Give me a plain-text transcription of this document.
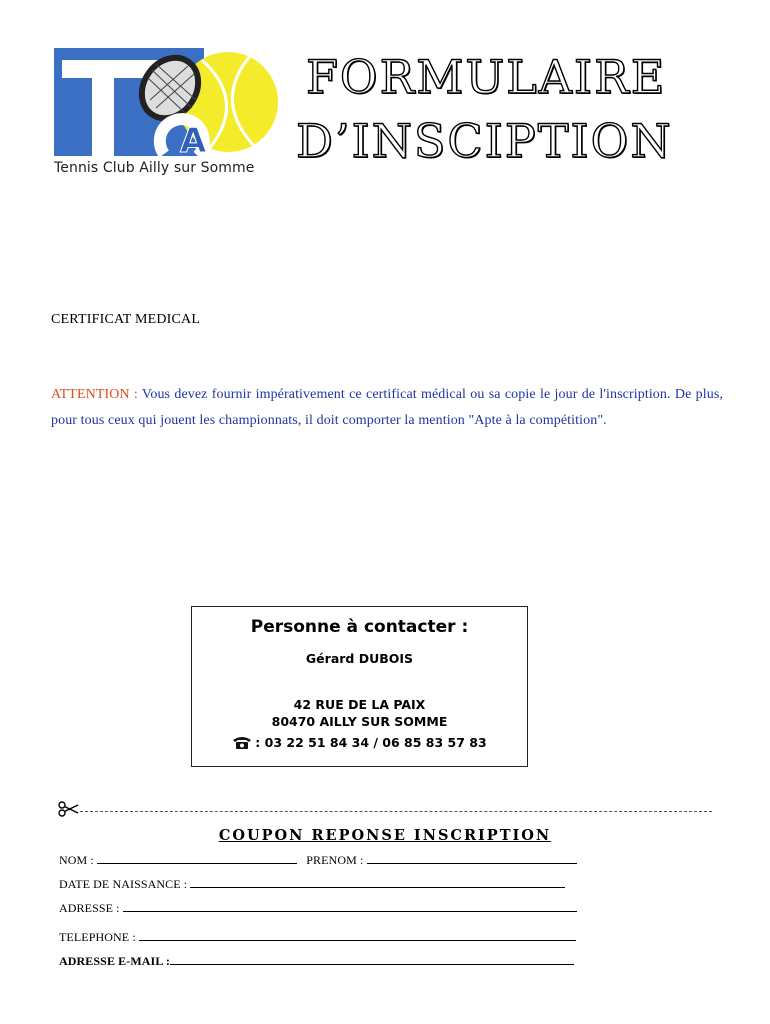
A
Tennis Club Ailly sur Somme
FORMULAIRE
D’INSCIPTION
CERTIFICAT MEDICAL
ATTENTION : Vous devez fournir impérativement ce certificat médical ou sa copie le jour de l'inscription. De plus, pour tous ceux qui jouent les championnats, il doit comporter la mention "Apte à la compétition".
Personne à contacter :
Gérard DUBOIS
42 RUE DE LA PAIX
80470 AILLY SUR SOMME
: 03 22 51 84 34 / 06 85 83 57 83
COUPON REPONSE INSCRIPTION
NOM :	PRENOM :
DATE DE NAISSANCE :
ADRESSE :
TELEPHONE :
ADRESSE E-MAIL :
